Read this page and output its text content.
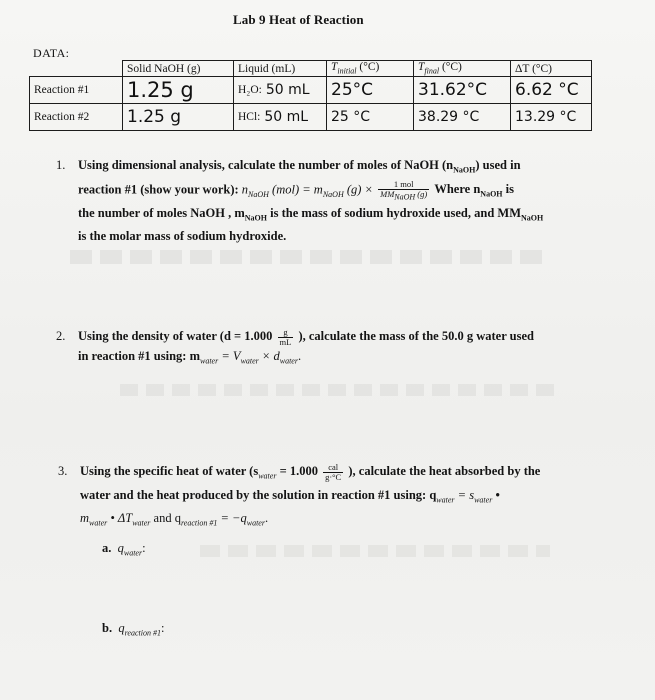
Lab 9 Heat of Reaction
DATA:
	Solid NaOH (g)	Liquid (mL)	$T_{initial}$ (°C)	$T_{final}$ (°C)	ΔT (°C)
Reaction #1	1.25 g	H₂O: 50 mL	25°C	31.62°C	6.62 °C
Reaction #2	1.25 g	HCl: 50 mL	25 °C	38.29 °C	13.29 °C
1. Using dimensional analysis, calculate the number of moles of NaOH $(n_{NaOH})$ used in
reaction #1 (show your work): $n_{NaOH}$ $(mol) = m_{NaOH}$ $(g) \times \frac{\text{1 mol}}{MM_{NaOH} (g)}$ Where $n_{NaOH}$ is
the number of moles NaOH , $m_{NaOH}$ is the mass of sodium hydroxide used, and $MM_{NaOH}$
is the molar mass of sodium hydroxide.
2. Using the density of water ($d = 1.000 \frac{g}{mL}$ ), calculate the mass of the 50.0 g water used
in reaction #1 using: $m_{water} = V_{water} \times d_{water}$.
3. Using the specific heat of water ($s_{water} = 1.000 \frac{\text{cal}}{g\cdot^\circ C}$ ), calculate the heat absorbed by the
water and the heat produced by the solution in reaction #1 using: $q_{water} = s_{water}$ •
$m_{water}$ • $\Delta T_{water}$ and $q_{reaction \#1} = -q_{water}$.
a. $q_{water}$:
b. $q_{reaction \#1}$:
